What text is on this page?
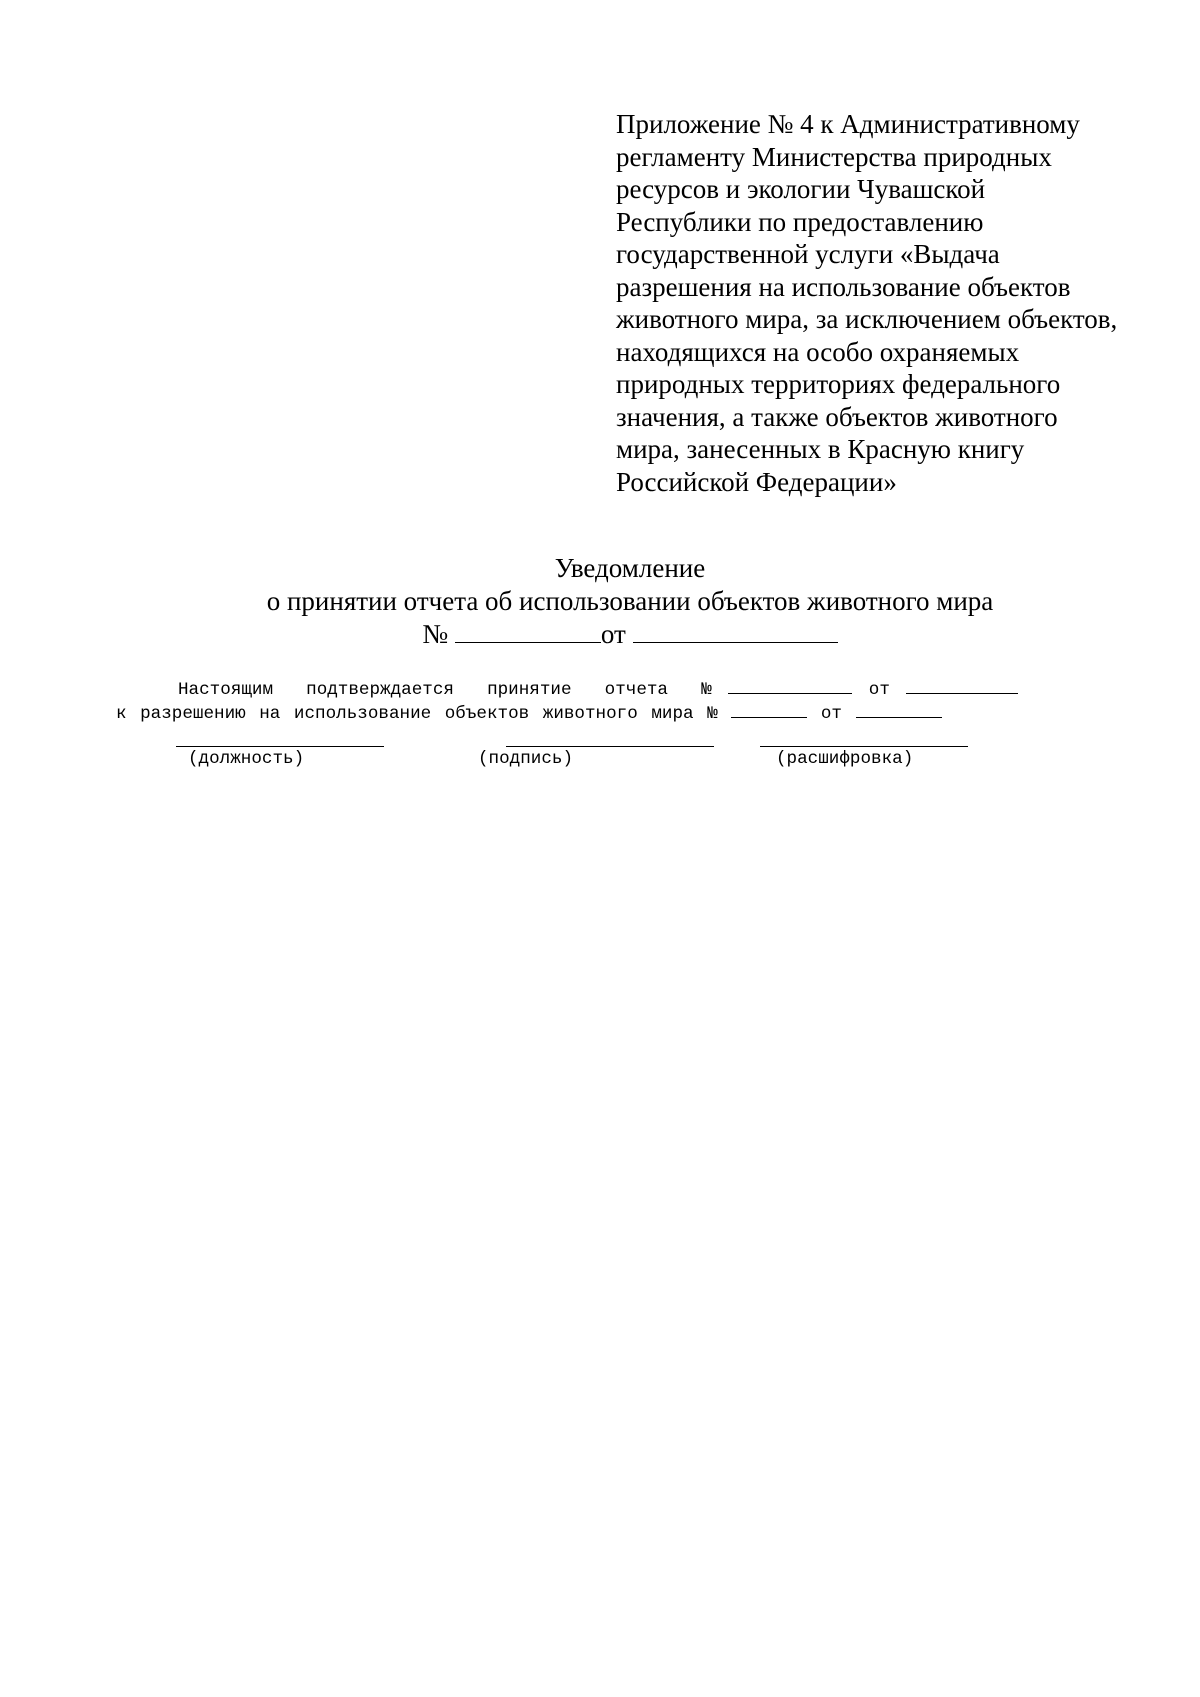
Приложение № 4 к Административному
регламенту Министерства природных
ресурсов и экологии Чувашской
Республики по предоставлению
государственной услуги «Выдача
разрешения на использование объектов
животного мира, за исключением объектов,
находящихся на особо охраняемых
природных территориях федерального
значения, а также объектов животного
мира, занесенных в Красную книгу
Российской Федерации»
Уведомление
о принятии отчета об использовании объектов животного мира
№	от
Настоящим  подтверждается  принятие  отчета  №	от
к разрешению на использование объектов животного мира №	от
(должность)	(подпись)	(расшифровка)
